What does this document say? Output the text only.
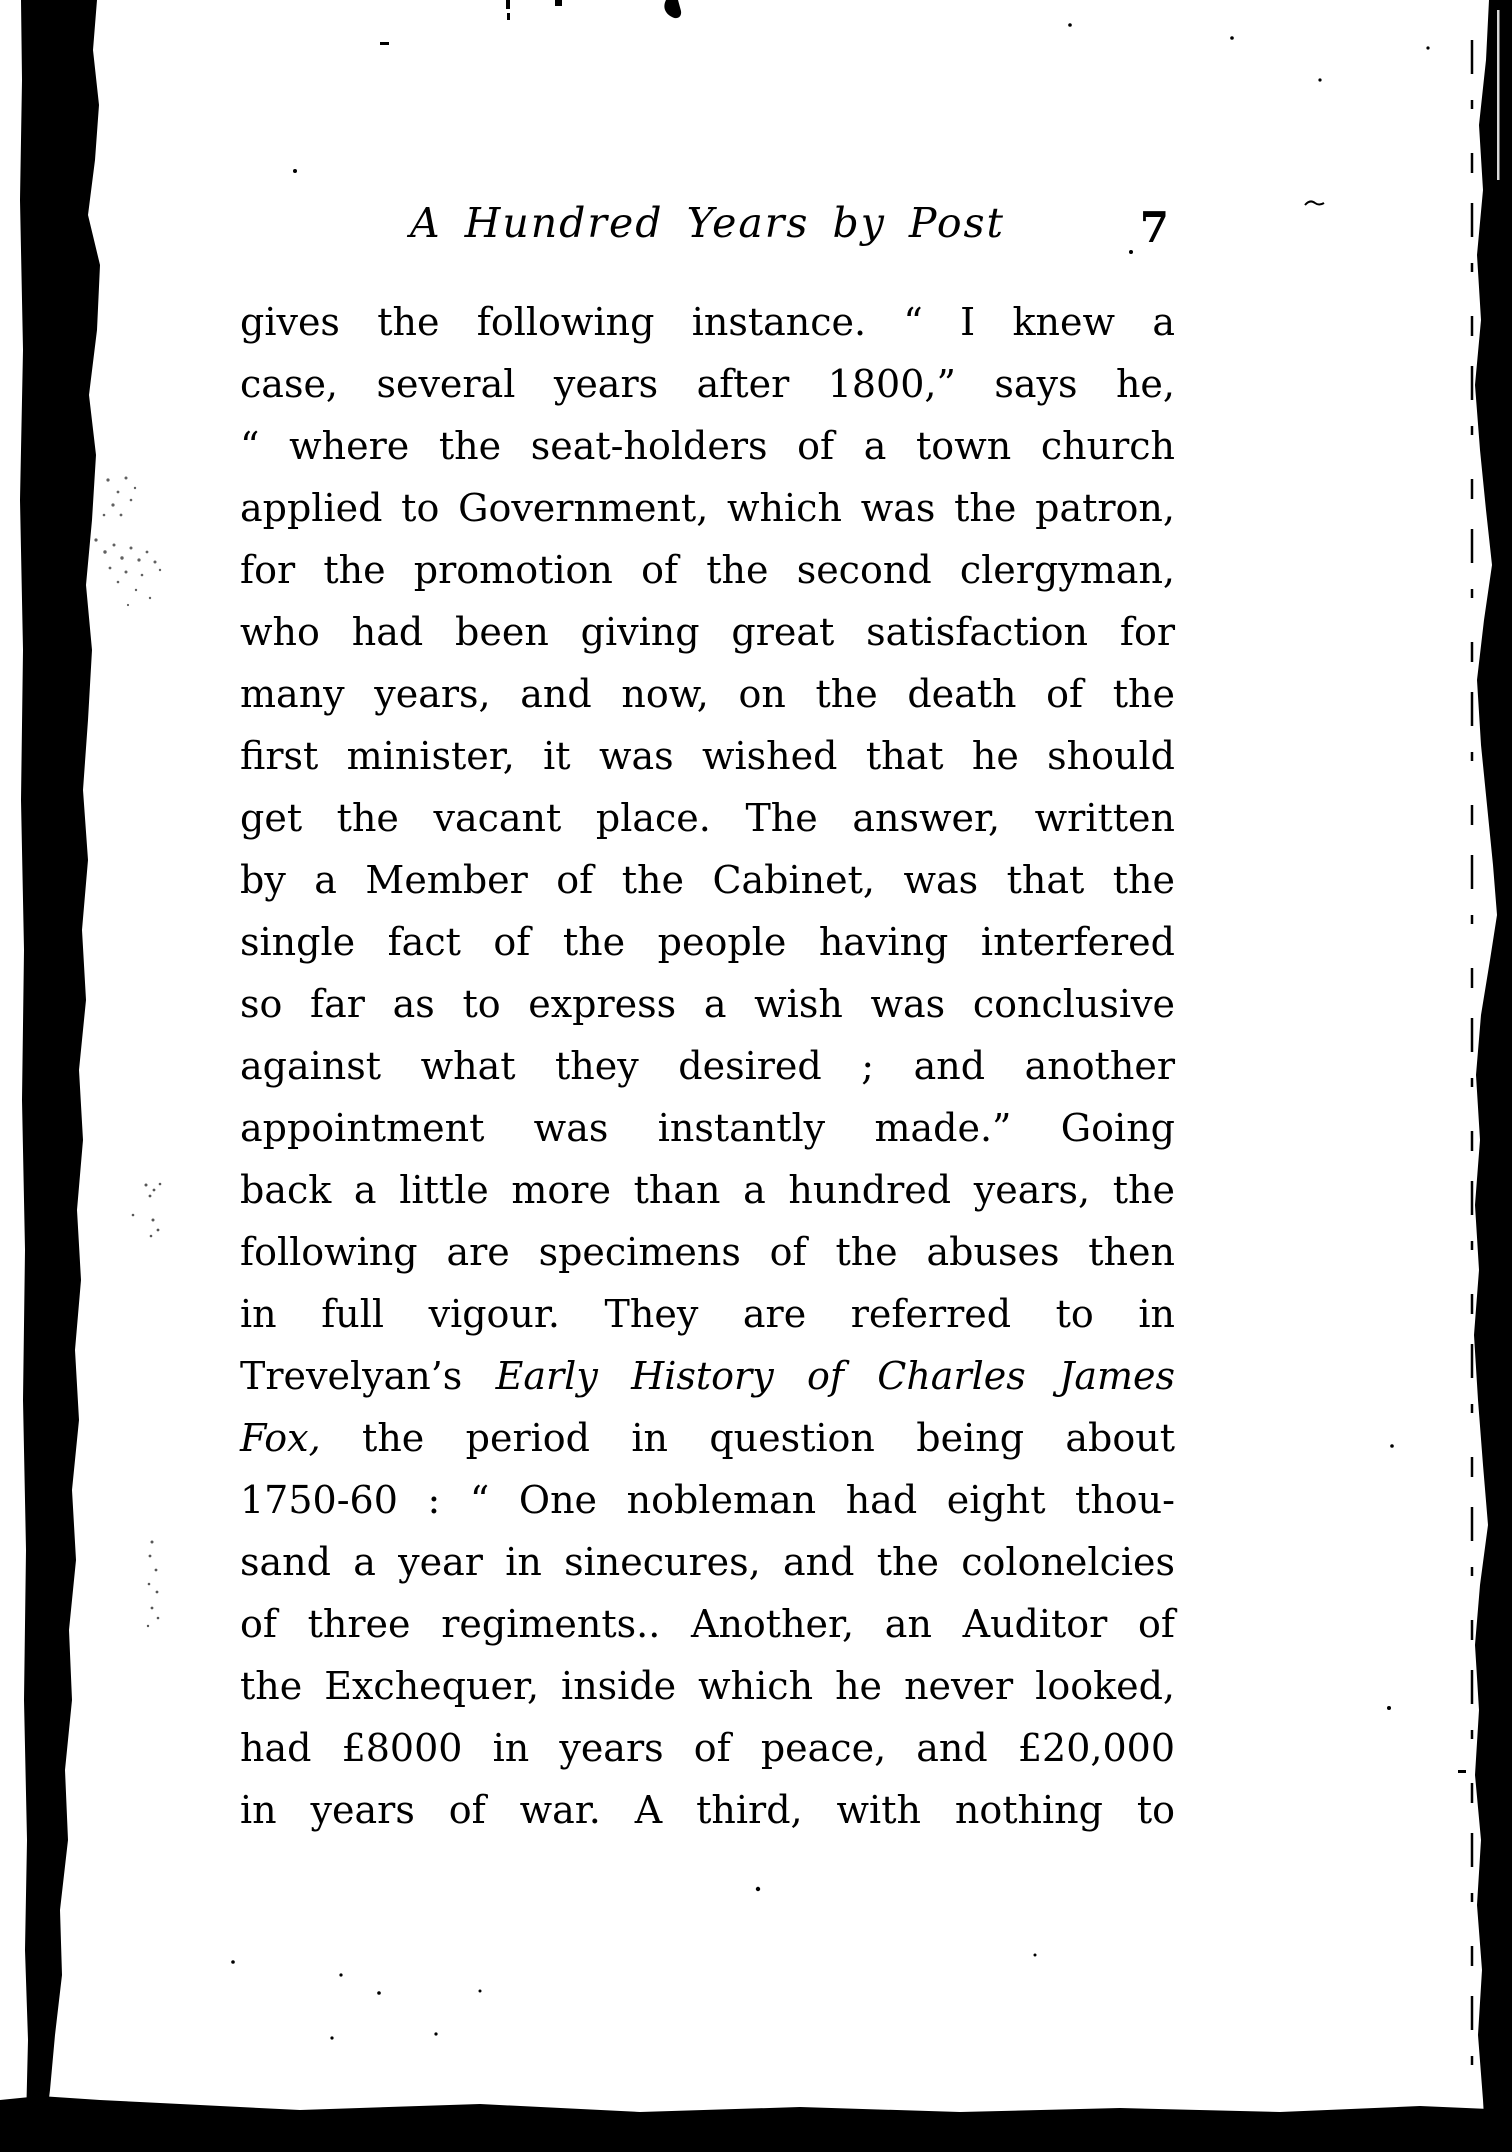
A Hundred Years by Post	7
gives the following instance. “ I knew a
case, several years after 1800,” says he,
“ where the seat-holders of a town church
applied to Government, which was the patron,
for the promotion of the second clergyman,
who had been giving great satisfaction for
many years, and now, on the death of the
first minister, it was wished that he should
get the vacant place. The answer, written
by a Member of the Cabinet, was that the
single fact of the people having interfered
so far as to express a wish was conclusive
against what they desired ; and another
appointment was instantly made.” Going
back a little more than a hundred years, the
following are specimens of the abuses then
in full vigour. They are referred to in
Trevelyan’s Early History of Charles James
Fox, the period in question being about
1750-60 : “ One nobleman had eight thou-
sand a year in sinecures, and the colonelcies
of three regiments.. Another, an Auditor of
the Exchequer, inside which he never looked,
had £8000 in years of peace, and £20,000
in years of war. A third, with nothing to
